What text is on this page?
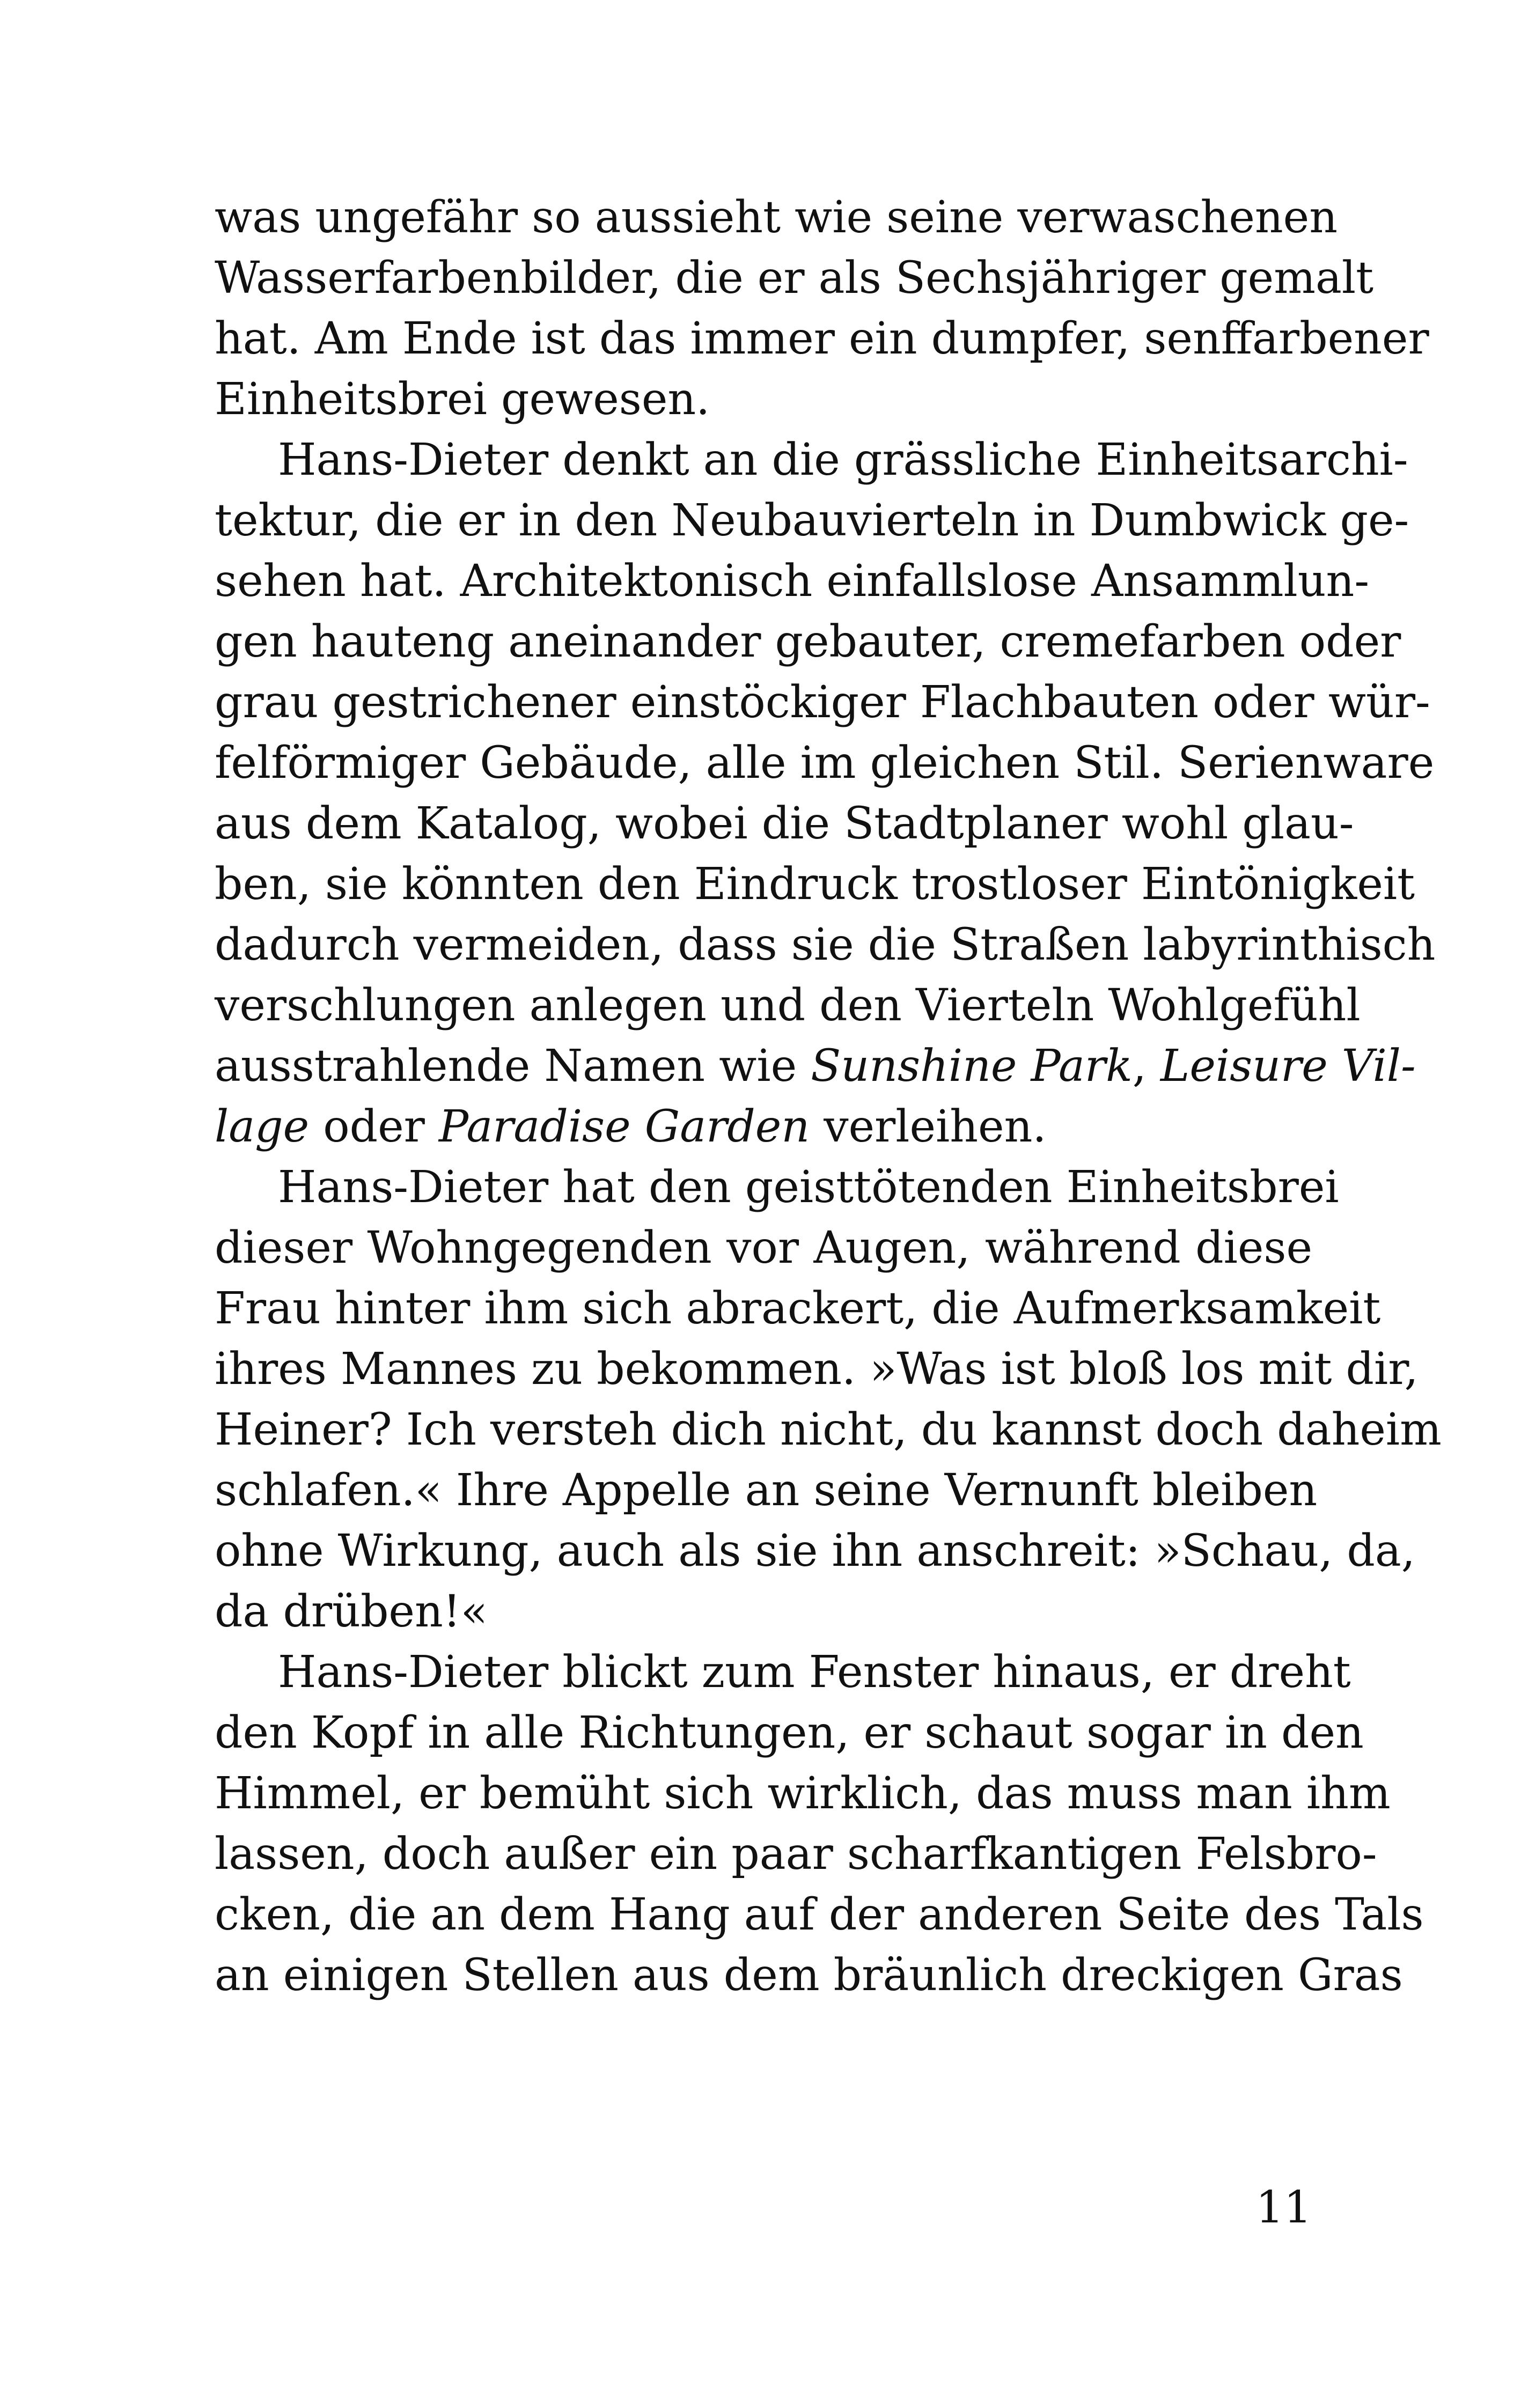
was ungefähr so aussieht wie seine verwaschenen
Wasserfarbenbilder, die er als Sechsjähriger gemalt
hat. Am Ende ist das immer ein dumpfer, senffarbener
Einheitsbrei gewesen.
Hans-Dieter denkt an die grässliche Einheitsarchi-
tektur, die er in den Neubauvierteln in Dumbwick ge-
sehen hat. Architektonisch einfallslose Ansammlun-
gen hauteng aneinander gebauter, cremefarben oder
grau gestrichener einstöckiger Flachbauten oder wür-
felförmiger Gebäude, alle im gleichen Stil. Serienware
aus dem Katalog, wobei die Stadtplaner wohl glau-
ben, sie könnten den Eindruck trostloser Eintönigkeit
dadurch vermeiden, dass sie die Straßen labyrinthisch
verschlungen anlegen und den Vierteln Wohlgefühl
ausstrahlende Namen wie Sunshine Park, Leisure Vil-
lage oder Paradise Garden verleihen.
Hans-Dieter hat den geisttötenden Einheitsbrei
dieser Wohngegenden vor Augen, während diese
Frau hinter ihm sich abrackert, die Aufmerksamkeit
ihres Mannes zu bekommen. »Was ist bloß los mit dir,
Heiner? Ich versteh dich nicht, du kannst doch daheim
schlafen.« Ihre Appelle an seine Vernunft bleiben
ohne Wirkung, auch als sie ihn anschreit: »Schau, da,
da drüben!«
Hans-Dieter blickt zum Fenster hinaus, er dreht
den Kopf in alle Richtungen, er schaut sogar in den
Himmel, er bemüht sich wirklich, das muss man ihm
lassen, doch außer ein paar scharfkantigen Felsbro-
cken, die an dem Hang auf der anderen Seite des Tals
an einigen Stellen aus dem bräunlich dreckigen Gras
11
